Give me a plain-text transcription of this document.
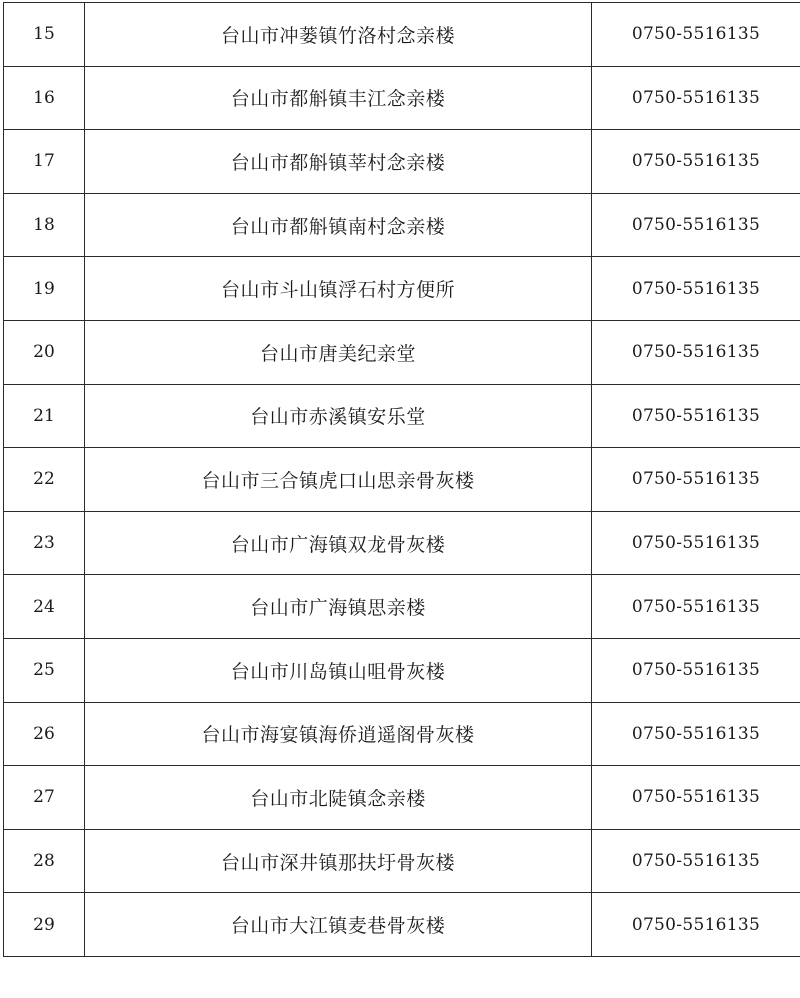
15	台山市冲蒌镇竹洛村念亲楼	0750-5516135
16	台山市都斛镇丰江念亲楼	0750-5516135
17	台山市都斛镇莘村念亲楼	0750-5516135
18	台山市都斛镇南村念亲楼	0750-5516135
19	台山市斗山镇浮石村方便所	0750-5516135
20	台山市唐美纪亲堂	0750-5516135
21	台山市赤溪镇安乐堂	0750-5516135
22	台山市三合镇虎口山思亲骨灰楼	0750-5516135
23	台山市广海镇双龙骨灰楼	0750-5516135
24	台山市广海镇思亲楼	0750-5516135
25	台山市川岛镇山咀骨灰楼	0750-5516135
26	台山市海宴镇海侨逍遥阁骨灰楼	0750-5516135
27	台山市北陡镇念亲楼	0750-5516135
28	台山市深井镇那扶圩骨灰楼	0750-5516135
29	台山市大江镇麦巷骨灰楼	0750-5516135
